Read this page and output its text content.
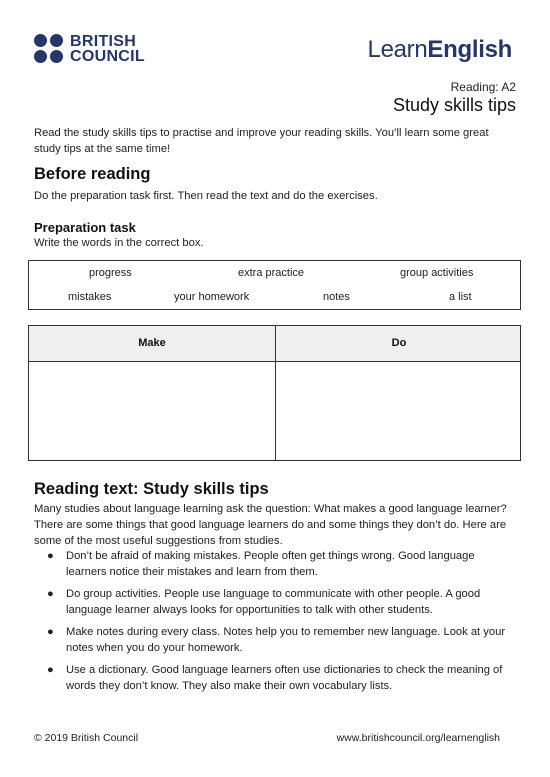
BRITISH
COUNCIL	LearnEnglish
Reading: A2
Study skills tips

Read the study skills tips to practise and improve your reading skills. You’ll learn some great study tips at the same time!

Before reading

Do the preparation task first. Then read the text and do the exercises.

Preparation task

Write the words in the correct box.

progress	extra practice	group activities
mistakes	your homework	notes	a list
Make	Do
Reading text: Study skills tips

Many studies about language learning ask the question: What makes a good language learner? There are some things that good language learners do and some things they don’t do. Here are some of the most useful suggestions from studies.

● Don’t be afraid of making mistakes. People often get things wrong. Good language learners notice their mistakes and learn from them.
● Do group activities. People use language to communicate with other people. A good language learner always looks for opportunities to talk with other students.
● Make notes during every class. Notes help you to remember new language. Look at your notes when you do your homework.
● Use a dictionary. Good language learners often use dictionaries to check the meaning of words they don’t know. They also make their own vocabulary lists.
© 2019 British Council	www.britishcouncil.org/learnenglish
